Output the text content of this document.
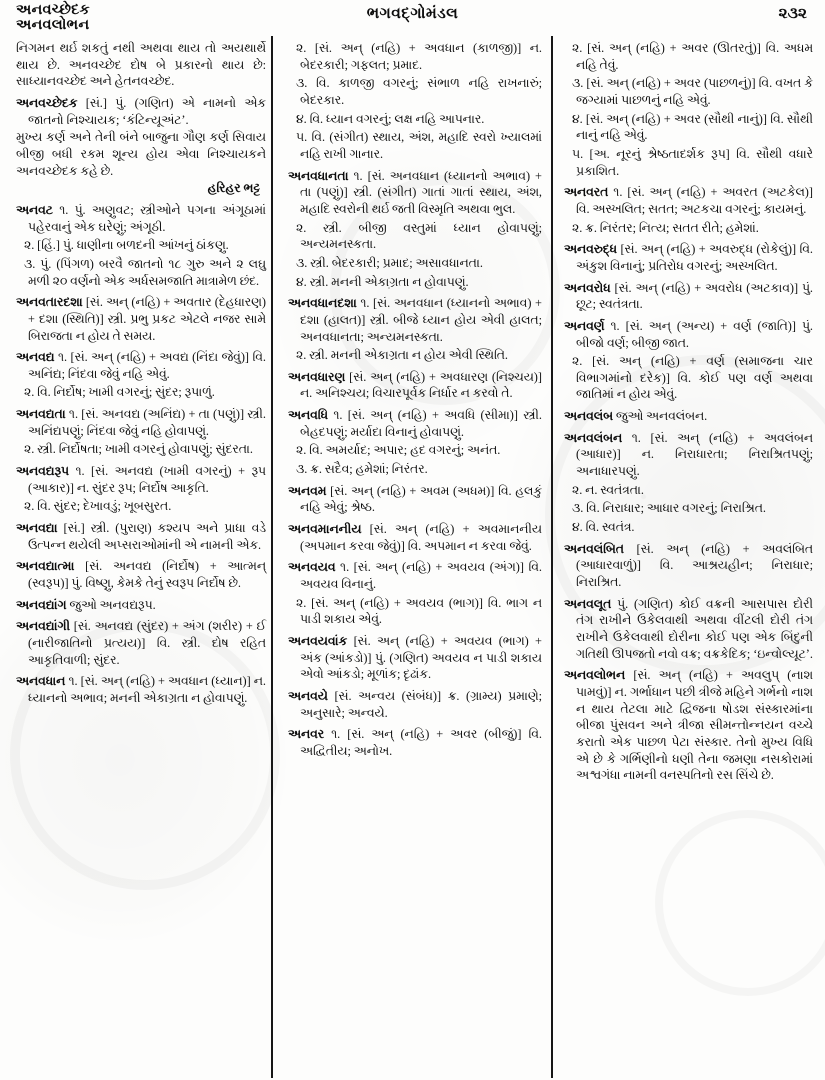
અનવચ્છેદક
અનવલોભન
ભગવદ્ગોમંડલ	૨૩૨

નિગમન થર્ઇ શકતું નથી અથવા થાય તો અયથાર્થે થાય છે. અનવચ્છેદ દોષ બે પ્રકારનો થાય છે: સાધ્યાનવચ્છેદ અને હેતનવચ્છેદ.

અનવચ્છેદક [સં.] પું. (ગણિત) એ નામનો એક જાતનો નિશ્ચાયક; ‘કંટિન્યૂઅંટ’.

મુખ્ય કર્ણ અને તેની બંને બાજુના ગૌણ કર્ણ સિવાય બીજી બધી રકમ શૂન્ય હોય એવા નિશ્ચાયકને અનવચ્છેદક કહે છે.

હરિહર ભટ્ટ

અનવટ ૧. પું. અણુવટ; સ્ત્રીઓને પગના અંગૂઠામાં પહેરવાનું એક ઘરેણું; અંગૂઠી.

૨. [હિં.] પું. ધાણીના બળદની આંખનું ઠાંકણુ.

૩. પું. (પિંગળ) બરવૈ જાતનો ૧૮ ગુરુ અને ૨ લઘુ મળી ૨૦ વર્ણનો એક અર્ધસમજાતિ માત્રામેળ છંદ.

અનવતારદશા [સં. અન્ (નહિ) + અવતાર (દેહધારણ) + દશા (સ્થિતિ)] સ્ત્રી. પ્રભુ પ્રકટ એટલે નજર સામે બિરાજતા ન હોય તે સમય.

અનવદ્ય ૧. [સં. અન્ (નહિ) + અવદ્ય (નિંદા જેવું)] વિ. અનિંદ્ય; નિંદવા જેવું નહિ એવું.

૨. વિ. નિર્દોષ; ખામી વગરનું; સુંદર; રૂપાળું.

અનવદ્યતા ૧. [સં. અનવદ્ય (અનિંદ્ય) + તા (પણું)] સ્ત્રી. અનિંદ્યપણું; નિંદવા જેવું નહિ હોવાપણું.

૨. સ્ત્રી. નિર્દોષતા; ખામી વગરનું હોવાપણું; સુંદરતા.

અનવદ્યરૂપ ૧. [સં. અનવદ્ય (ખામી વગરનું) + રૂપ (આકાર)] ન. સુંદર રૂપ; નિર્દોષ આકૃતિ.

૨. વિ. સુંદર; દેખાવડું; ખૂબસુરત.

અનવદ્યા [સં.] સ્ત્રી. (પુરાણ) કશ્યપ અને પ્રાધા વડે ઉત્પન્ન થયેલી અપ્સરાઓમાંની એ નામની એક.

અનવદ્યાત્મા [સં. અનવદ્ય (નિર્દોષ) + આત્મન્ (સ્વરૂપ)] પું. વિષ્ણુ, કેમકે તેનું સ્વરૂપ નિર્દોષ છે.

અનવદ્યાંગ જુઓ અનવદ્યરૂપ.

અનવદ્યાંગી [સં. અનવદ્ય (સુંદર) + અંગ (શરીર) + ઈ (નારીજાતિનો પ્રત્યય)] વિ. સ્ત્રી. દોષ રહિત આકૃતિવાળી; સુંદર.

અનવધાન ૧. [સં. અન્ (નહિ) + અવધાન (ધ્યાન)] ન. ધ્યાનનો અભાવ; મનની એકાગ્રતા ન હોવાપણું.

૨. [સં. અન્ (નહિ) + અવધાન (કાળજી)] ન. બેદરકારી; ગફલત; પ્રમાદ.

૩. વિ. કાળજી વગરનું; સંભાળ નહિ રાખનારું; બેદરકાર.

૪. વિ. ધ્યાન વગરનું; લક્ષ નહિ આપનાર.

૫. વિ. (સંગીત) સ્થાય, અંશ, મહાદિ સ્વરો ખ્યાલમાં નહિ રાખી ગાનાર.

અનવધાનતા ૧. [સં. અનવધાન (ધ્યાનનો અભાવ) + તા (પણું)] સ્ત્રી. (સંગીત) ગાતાં ગાતાં સ્થાય, અંશ, મહાદિ સ્વરોની થર્ઇ જતી વિસ્મૃતિ અથવા ભુલ.

૨. સ્ત્રી. બીજી વસ્તુમાં ધ્યાન હોવાપણું; અન્યમનસ્કતા.

૩. સ્ત્રી. બેદરકારી; પ્રમાદ; અસાવધાનતા.

૪. સ્ત્રી. મનની એકાગ્રતા ન હોવાપણું.

અનવધાનદશા ૧. [સં. અનવધાન (ધ્યાનનો અભાવ) + દશા (હાલત)] સ્ત્રી. બીજે ધ્યાન હોય એવી હાલત; અનવધાનતા; અન્યમનસ્કતા.

૨. સ્ત્રી. મનની એકાગ્રતા ન હોય એવી સ્થિતિ.

અનવધારણ [સં. અન્ (નહિ) + અવધારણ (નિશ્ચય)] ન. અનિશ્ચય; વિચારપૂર્વક નિર્ધાર ન કરવો તે.

અનવધિ ૧. [સં. અન્ (નહિ) + અવધિ (સીમા)] સ્ત્રી. બેહદપણું; મર્યાદા વિનાનું હોવાપણું.

૨. વિ. અમર્યાદ; અપાર; હદ વગરનું; અનંત.

૩. ક્ર. સદૈવ; હમેશાં; નિરંતર.

અનવમ [સં. અન્ (નહિ) + અવમ (અધમ)] વિ. હલકું નહિ એવું; શ્રેષ્ઠ.

અનવમાનનીય [સં. અન્ (નહિ) + અવમાનનીય (અપમાન કરવા જેવું)] વિ. અપમાન ન કરવા જેવું.

અનવયવ ૧. [સં. અન્ (નહિ) + અવયવ (અંગ)] વિ. અવયવ વિનાનું.

૨. [સં. અન્ (નહિ) + અવયવ (ભાગ)] વિ. ભાગ ન પાડી શકાય એવું.

અનવયવાંક [સં. અન્ (નહિ) + અવયવ (ભાગ) + અંક (આંકડો)] પું. (ગણિત) અવયવ ન પાડી શકાય એવો આંકડો; મૂળાંક; દૃઢાંક.

અનવયે [સં. અન્વય (સંબંધ)] ક્ર. (ગ્રામ્ય) પ્રમાણે; અનુસારે; અન્વયે.

અનવર ૧. [સં. અન્ (નહિ) + અવર (બીજું)] વિ. અદ્વિતીય; અનોખ.

૨. [સં. અન્ (નહિ) + અવર (ઊતરતું)] વિ. અધમ નહિ તેવું.

૩. [સં. અન્ (નહિ) + અવર (પાછળનું)] વિ. વખત કે જગ્યામાં પાછળનું નહિ એવું.

૪. [સં. અન્ (નહિ) + અવર (સૌથી નાનું)] વિ. સૌથી નાનું નહિ એવું.

૫. [અ. નૂરનું શ્રેષ્ઠતાદર્શક રૂપ] વિ. સૌથી વધારે પ્રકાશિત.

અનવરત ૧. [સં. અન્ (નહિ) + અવરત (અટકેલ)] વિ. અસ્ખલિત; સતત; અટકચા વગરનું; કાયમનું.

૨. ક્ર. નિરંતર; નિત્ય; સતત રીતે; હમેશાં.

અનવરુદ્ધ [સં. અન્ (નહિ) + અવરુદ્ધ (રોકેલું)] વિ. અંકુશ વિનાનું; પ્રતિરોધ વગરનું; અસ્ખલિત.

અનવરોધ [સં. અન્ (નહિ) + અવરોધ (અટકાવ)] પું. છૂટ; સ્વતંત્રતા.

અનવર્ણ ૧. [સં. અન્ (અન્ય) + વર્ણ (જાતિ)] પું. બીજો વર્ણ; બીજી જાત.

૨. [સં. અન્ (નહિ) + વર્ણ (સમાજના ચાર વિભાગમાંનો દરેક)] વિ. કોઈ પણ વર્ણ અથવા જાતિમાં ન હોય એવું.

અનવલંબ જુઓ અનવલંબન.

અનવલંબન ૧. [સં. અન્ (નહિ) + અવલંબન (આધાર)] ન. નિરાધારતા; નિરાશ્રિતપણું; અનાધારપણું.

૨. ન. સ્વતંત્રતા.

૩. વિ. નિરાધાર; આધાર વગરનું; નિરાશ્રિત.

૪. વિ. સ્વતંત્ર.

અનવલંબિત [સં. અન્ (નહિ) + અવલંબિત (આધારવાળું)] વિ. આશ્રયહીન; નિરાધાર; નિરાશ્રિત.

અનવલૂત પું. (ગણિત) કોઈ વક્રની આસપાસ દોરી તંગ રાખીને ઉકેલવાથી અથવા વીંટલી દોરી તંગ રાખીને ઉકેલવાથી દોરીના કોઈ પણ એક બિંદુની ગતિથી ઊપજતો નવો વક્ર; વક્રકેદિક; ‘ઇન્વોલ્યૂટ’.

અનવલોભન [સં. અન્ (નહિ) + અવલુપ્ (નાશ પામવું)] ન. ગર્ભાધાન પછી ત્રીજે મહિને ગર્ભનો નાશ ન થાય તેટલા માટે દ્વિજના ષોડશ સંસ્કારમાંના બીજા પુંસવન અને ત્રીજા સીમન્તોન્નયન વચ્ચે કરાતો એક પાછળ પેટા સંસ્કાર. તેનો મુખ્ય વિધિ એ છે કે ગર્ભિણીનો ધણી તેના જમણા નસકોરામાં અશ્વગંધા નામની વનસ્પતિનો રસ સિંચે છે.
